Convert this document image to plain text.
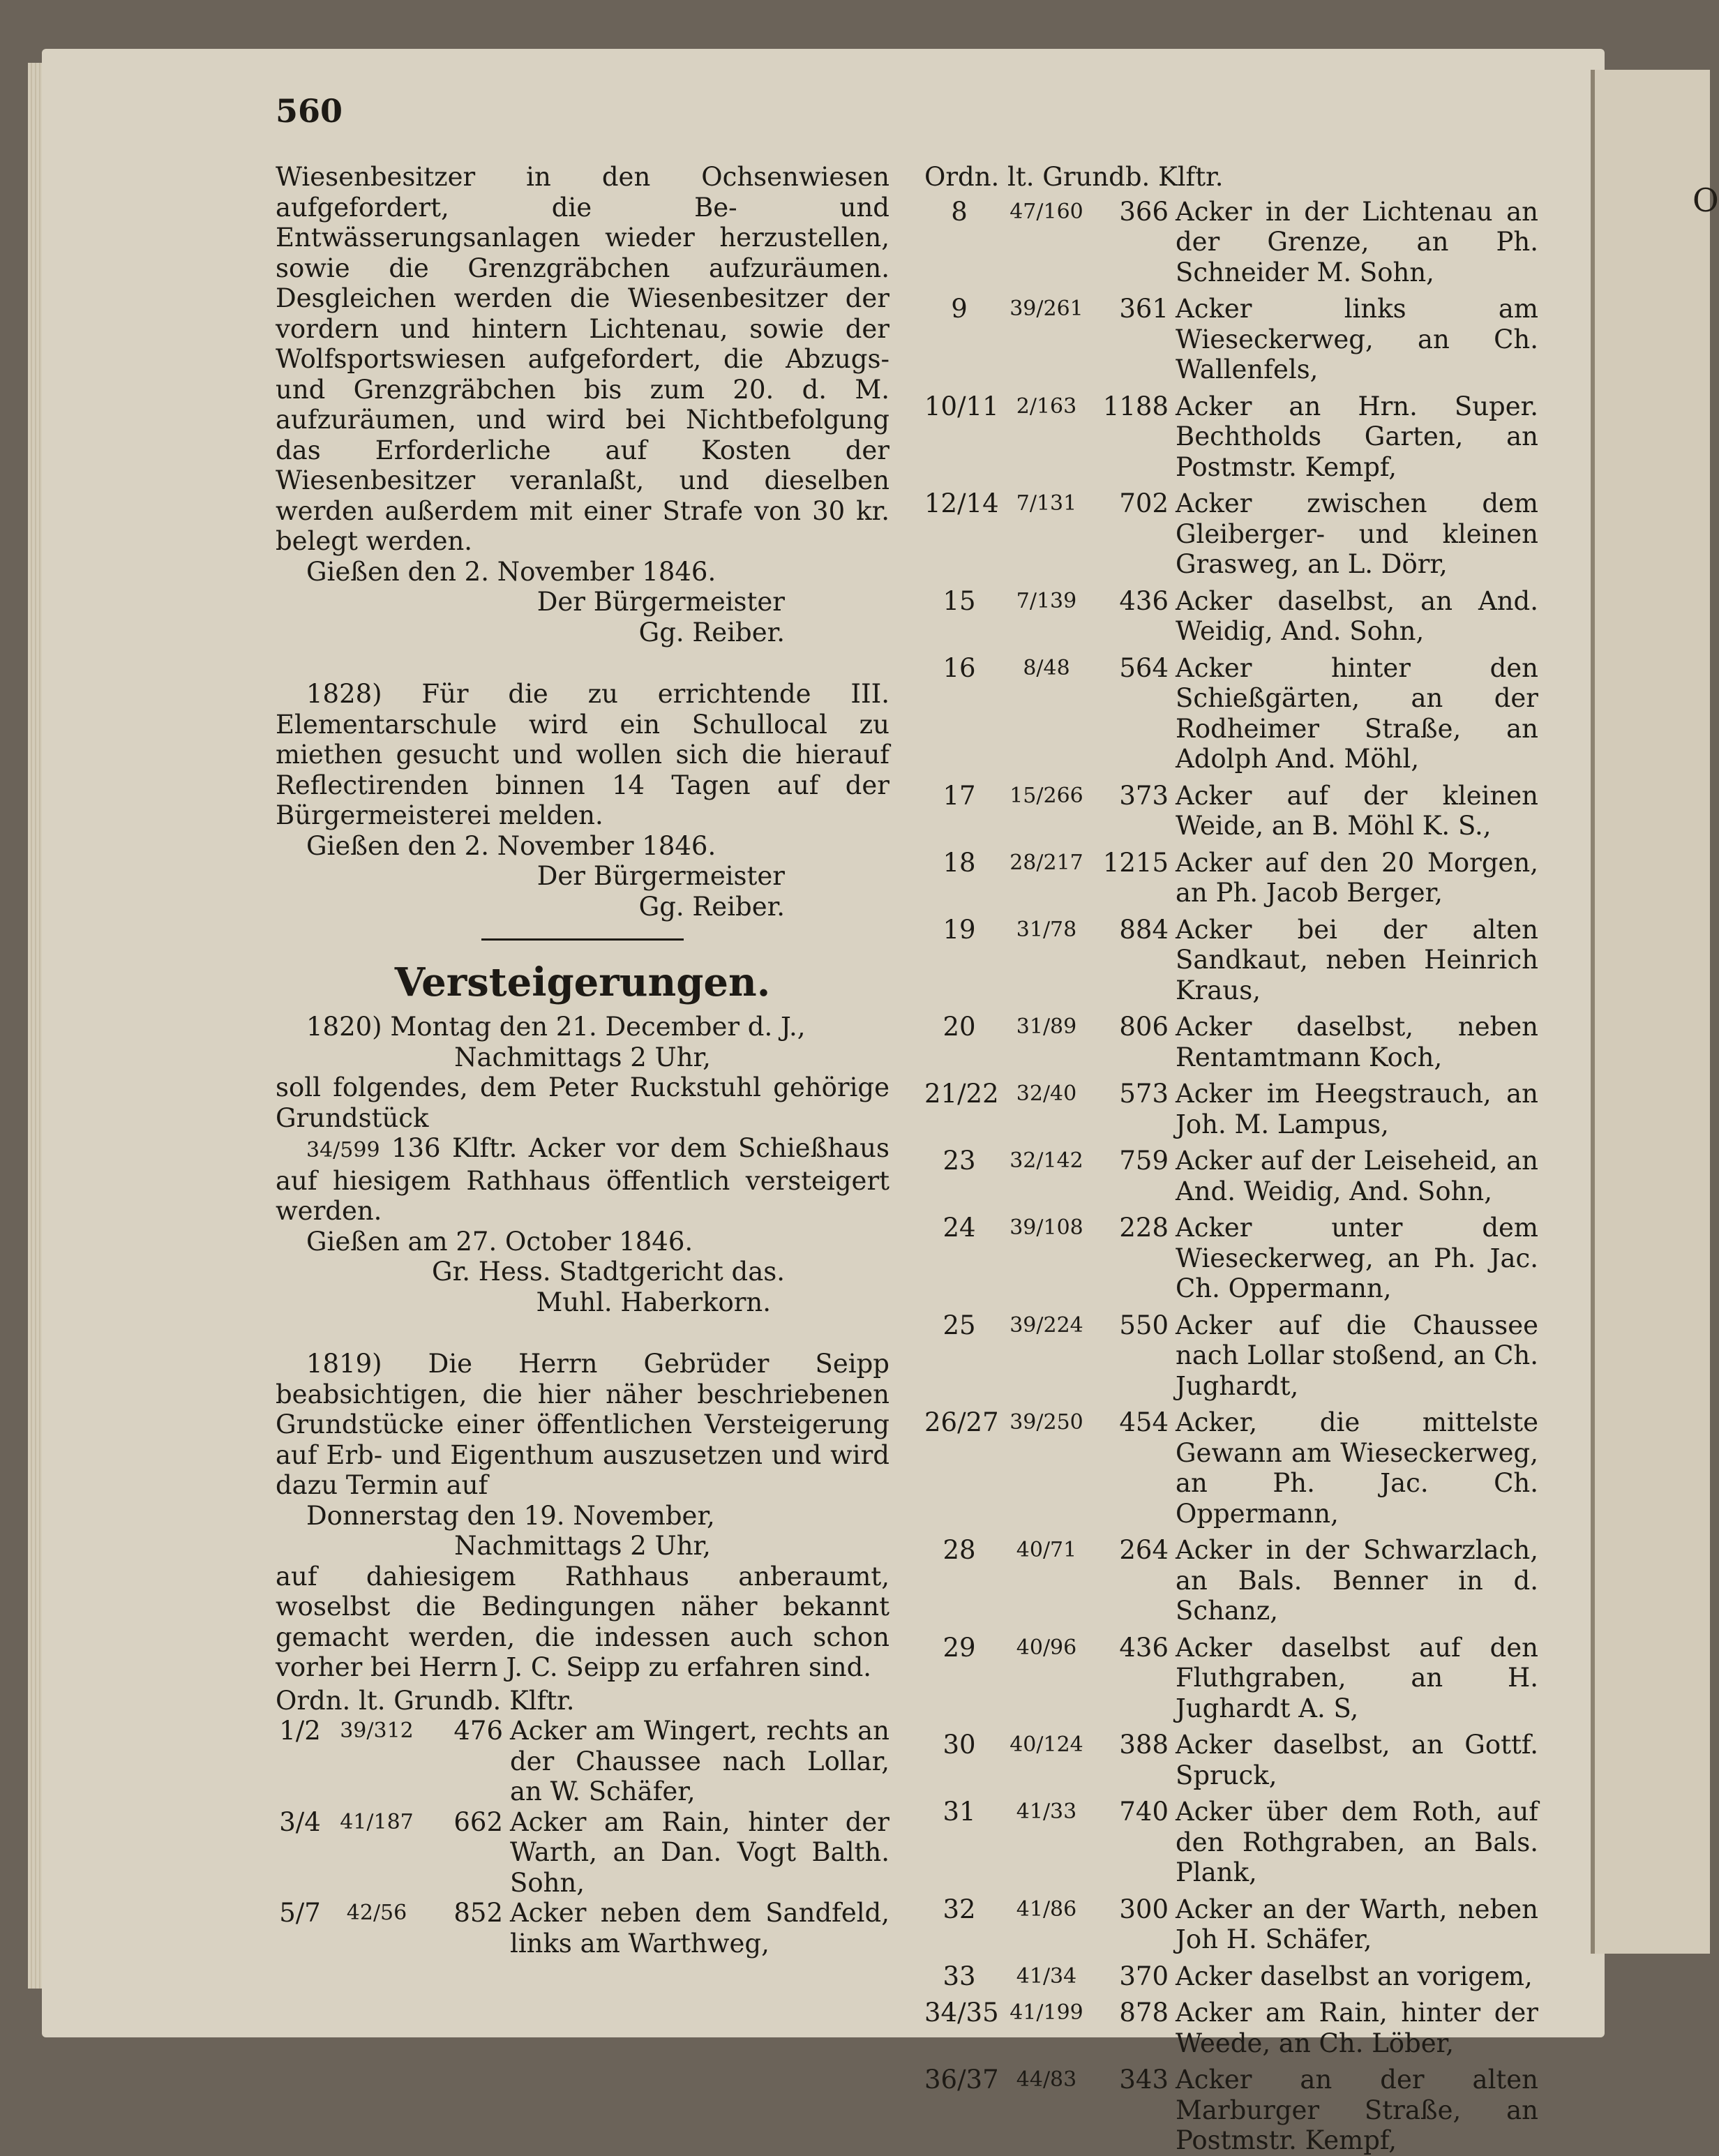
O
560

Wiesenbesitzer in den Ochsenwiesen aufgefordert, die Be- und Entwässerungsanlagen wieder herzustellen, sowie die Grenzgräbchen aufzuräumen. Desgleichen werden die Wiesenbesitzer der vordern und hintern Lichtenau, sowie der Wolfsportswiesen aufgefordert, die Abzugs- und Grenzgräbchen bis zum 20. d. M. aufzuräumen, und wird bei Nichtbefolgung das Erforderliche auf Kosten der Wiesenbesitzer veranlaßt, und dieselben werden außerdem mit einer Strafe von 30 kr. belegt werden.

Gießen den 2. November 1846.

Der Bürgermeister

Gg. Reiber.

1828) Für die zu errichtende III. Elementarschule wird ein Schullocal zu miethen gesucht und wollen sich die hierauf Reflectirenden binnen 14 Tagen auf der Bürgermeisterei melden.

Gießen den 2. November 1846.

Der Bürgermeister

Gg. Reiber.

Versteigerungen.

1820) Montag den 21. December d. J.,

Nachmittags 2 Uhr,

soll folgendes, dem Peter Ruckstuhl gehörige Grundstück

34/599 136 Klftr. Acker vor dem Schießhaus auf hiesigem Rathhaus öffentlich versteigert werden.

Gießen am 27. October 1846.

Gr. Hess. Stadtgericht das.

Muhl. Haberkorn.

1819) Die Herrn Gebrüder Seipp beabsichtigen, die hier näher beschriebenen Grundstücke einer öffentlichen Versteigerung auf Erb- und Eigenthum auszusetzen und wird dazu Termin auf

Donnerstag den 19. November,

Nachmittags 2 Uhr,

auf dahiesigem Rathhaus anberaumt, woselbst die Bedingungen näher bekannt gemacht werden, die indessen auch schon vorher bei Herrn J. C. Seipp zu erfahren sind.

Ordn. lt. Grundb. Klftr.

1/2 39/312	476 Acker am Wingert, rechts an der Chaussee nach Lollar, an W. Schäfer,
3/4 41/187	662 Acker am Rain, hinter der Warth, an Dan. Vogt Balth. Sohn,
5/7	42/56	852 Acker neben dem Sandfeld, links am Warthweg,

Ordn. lt. Grundb. Klftr.

8	47/160	366 Acker in der Lichtenau an der Grenze, an Ph. Schneider M. Sohn,
9	39/261	361 Acker links am Wieseckerweg, an Ch. Wallenfels,
10/11 2/163	1188 Acker an Hrn. Super. Bechtholds Garten, an Postmstr. Kempf,
12/14 7/131	702 Acker zwischen dem Gleiberger- und kleinen Grasweg, an L. Dörr,
15	7/139	436 Acker daselbst, an And. Weidig, And. Sohn,
16	8/48	564 Acker hinter den Schießgärten, an der Rodheimer Straße, an Adolph And. Möhl,
17	15/266	373 Acker auf der kleinen Weide, an B. Möhl K. S.,
18	28/217 1215 Acker auf den 20 Morgen, an Ph. Jacob Berger,
19	31/78	884 Acker bei der alten Sandkaut, neben Heinrich Kraus,
20	31/89	806 Acker daselbst, neben Rentamtmann Koch,
21/22 32/40	573 Acker im Heegstrauch, an Joh. M. Lampus,
23	32/142	759 Acker auf der Leiseheid, an And. Weidig, And. Sohn,
24	39/108	228 Acker unter dem Wieseckerweg, an Ph. Jac. Ch. Oppermann,
25	39/224	550 Acker auf die Chaussee nach Lollar stoßend, an Ch. Jughardt,
26/27 39/250	454 Acker, die mittelste Gewann am Wieseckerweg, an Ph. Jac. Ch. Oppermann,
28	40/71	264 Acker in der Schwarzlach, an Bals. Benner in d. Schanz,
29	40/96	436 Acker daselbst auf den Fluthgraben, an H. Jughardt A. S,
30	40/124	388 Acker daselbst, an Gottf. Spruck,
31	41/33	740 Acker über dem Roth, auf den Rothgraben, an Bals. Plank,
32	41/86	300 Acker an der Warth, neben Joh H. Schäfer,
33	41/34	370 Acker daselbst an vorigem,
34/35 41/199	878 Acker am Rain, hinter der Weede, an Ch. Löber,
36/37 44/83	343 Acker an der alten Marburger Straße, an Postmstr. Kempf,
